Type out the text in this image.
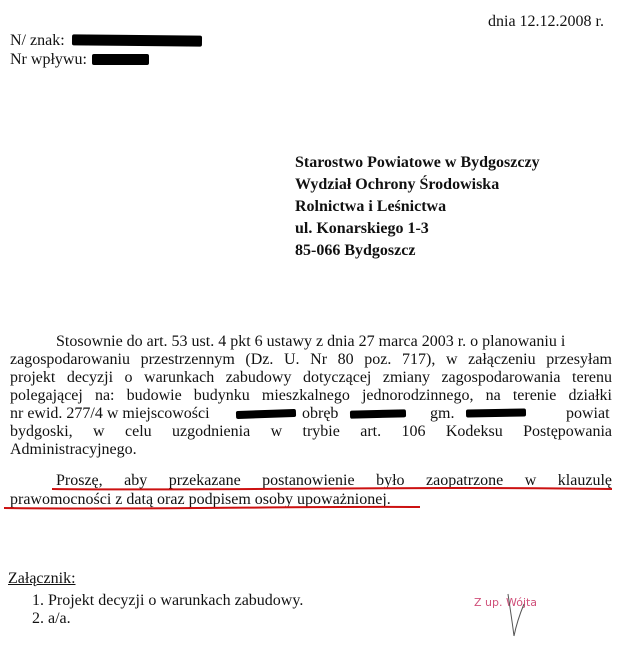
dnia 12.12.2008 r.
N/ znak:
Nr wpływu:
Starostwo Powiatowe w Bydgoszczy
Wydział Ochrony Środowiska
Rolnictwa i Leśnictwa
ul. Konarskiego 1-3
85-066 Bydgoszcz
Stosownie do art. 53 ust. 4 pkt 6 ustawy z dnia 27 marca 2003 r. o planowaniu i
zagospodarowaniu przestrzennym (Dz. U. Nr 80 poz. 717), w załączeniu przesyłam
projekt decyzji o warunkach zabudowy dotyczącej zmiany zagospodarowania terenu
polegającej na: budowie budynku mieszkalnego jednorodzinnego, na terenie działki
nr ewid. 277/4 w miejscowości	obręb	gm.	powiat
bydgoski, w celu uzgodnienia w trybie art. 106 Kodeksu Postępowania
Administracyjnego.
Proszę, aby przekazane postanowienie było zaopatrzone w klauzulę
prawomocności z datą oraz podpisem osoby upoważnionej.
Załącznik:
1. Projekt decyzji o warunkach zabudowy.
2. a/a.
Z up. Wójta
